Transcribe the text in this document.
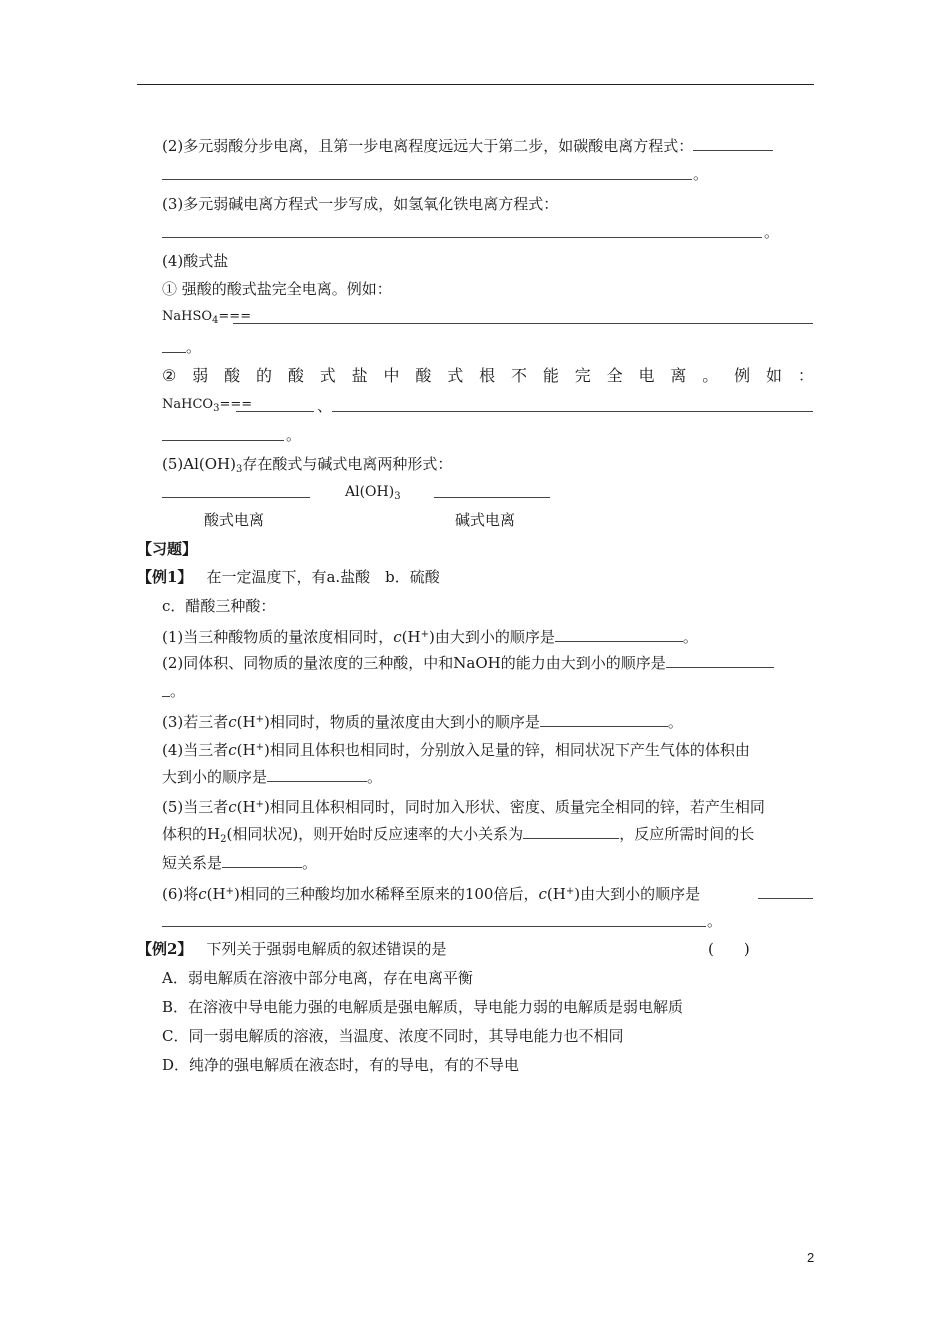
(2)多元弱酸分步电离，且第一步电离程度远远大于第二步，如碳酸电离方程式：
。
(3)多元弱碱电离方程式一步写成，如氢氧化铁电离方程式：
。
(4)酸式盐
① 强酸的酸式盐完全电离。例如：
NaHSO$_4$===
。
② 弱 酸 的 酸 式 盐 中 酸 式 根 不 能 完 全 电 离 。 例 如 ：
NaHCO$_3$===	、
。
$(5)Al(OH)_3$存在酸式与碱式电离两种形式：
$Al(OH)_3$
酸式电离	碱式电离
【习题】
【例1】 在一定温度下，有a.盐酸　b．硫酸
c．醋酸三种酸：
(1)当三种酸物质的量浓度相同时，c(H+)由大到小的顺序是	。
(2)同体积、同物质的量浓度的三种酸，中和NaOH的能力由大到小的顺序是
。
(3)若三者c(H+)相同时，物质的量浓度由大到小的顺序是	。
(4)当三者c(H+)相同且体积也相同时，分别放入足量的锌，相同状况下产生气体的体积由
大到小的顺序是	。
(5)当三者c(H+)相同且体积相同时，同时加入形状、密度、质量完全相同的锌，若产生相同
体积的$H_2$(相同状况)，则开始时反应速率的大小关系为	，反应所需时间的长
短关系是	。
(6)将c(H+)相同的三种酸均加水稀释至原来的100倍后，c(H+)由大到小的顺序是
。
【例2】 下列关于强弱电解质的叙述错误的是	(　　)
A．弱电解质在溶液中部分电离，存在电离平衡
B．在溶液中导电能力强的电解质是强电解质，导电能力弱的电解质是弱电解质
C．同一弱电解质的溶液，当温度、浓度不同时，其导电能力也不相同
D．纯净的强电解质在液态时，有的导电，有的不导电
2
